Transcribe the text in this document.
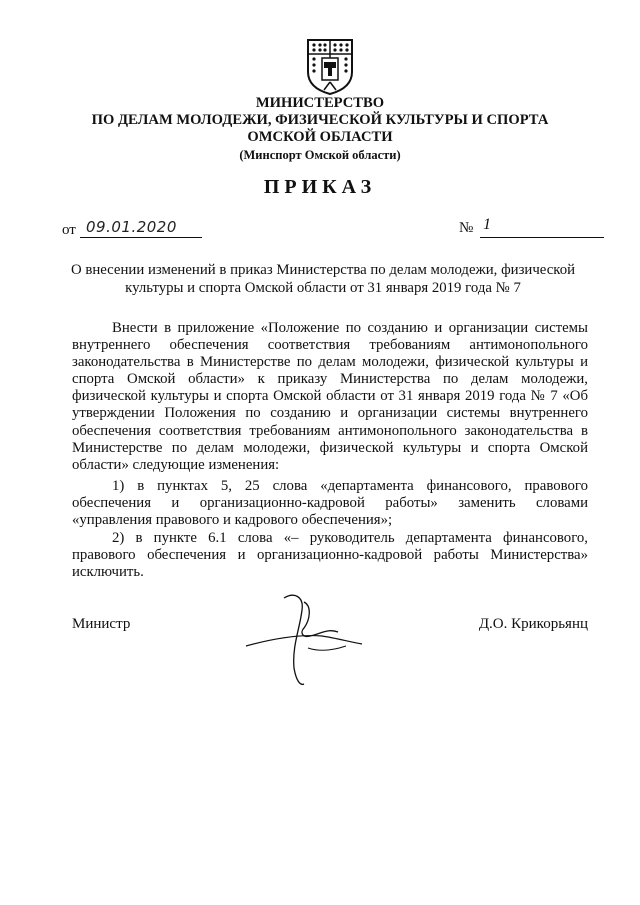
МИНИСТЕРСТВО
ПО ДЕЛАМ МОЛОДЕЖИ, ФИЗИЧЕСКОЙ КУЛЬТУРЫ И СПОРТА
ОМСКОЙ ОБЛАСТИ
(Минспорт Омской области)
ПРИКАЗ
от 09.01.2020	№ 1
О внесении изменений в приказ Министерства по делам молодежи, физической культуры и спорта Омской области от 31 января 2019 года № 7
Внести в приложение «Положение по созданию и организации системы внутреннего обеспечения соответствия требованиям антимонопольного законодательства в Министерстве по делам молодежи, физической культуры и спорта Омской области» к приказу Министерства по делам молодежи, физической культуры и спорта Омской области от 31 января 2019 года № 7 «Об утверждении Положения по созданию и организации системы внутреннего обеспечения соответствия требованиям антимонопольного законодательства в Министерстве по делам молодежи, физической культуры и спорта Омской области» следующие изменения:
1) в пунктах 5, 25 слова «департамента финансового, правового обеспечения и организационно-кадровой работы» заменить словами «управления правового и кадрового обеспечения»;
2) в пункте 6.1 слова «– руководитель департамента финансового, правового обеспечения и организационно-кадровой работы Министерства» исключить.
Министр	Д.О. Крикорьянц
